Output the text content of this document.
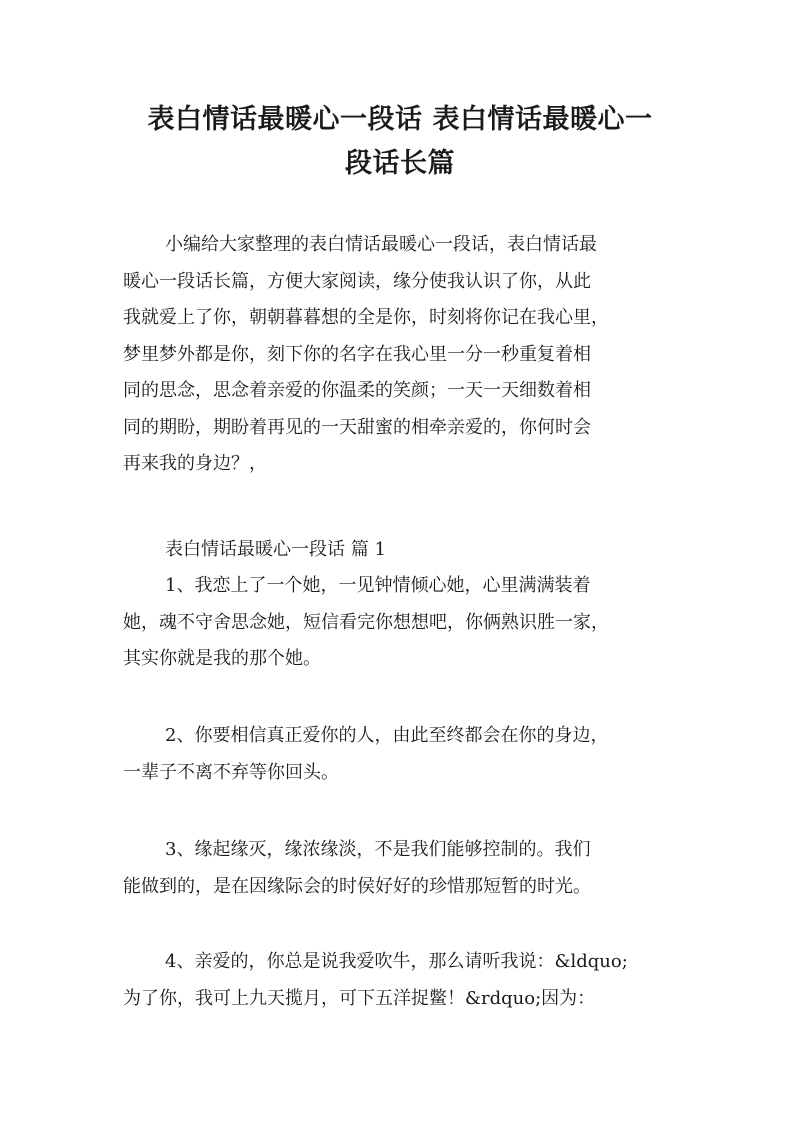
表白情话最暖心一段话 表白情话最暖心一
段话长篇
小编给大家整理的表白情话最暖心一段话，表白情话最
暖心一段话长篇，方便大家阅读，缘分使我认识了你，从此
我就爱上了你，朝朝暮暮想的全是你，时刻将你记在我心里，
梦里梦外都是你，刻下你的名字在我心里一分一秒重复着相
同的思念，思念着亲爱的你温柔的笑颜；一天一天细数着相
同的期盼，期盼着再见的一天甜蜜的相牵亲爱的，你何时会
再来我的身边？，
表白情话最暖心一段话 篇 1
1、我恋上了一个她，一见钟情倾心她，心里满满装着
她，魂不守舍思念她，短信看完你想想吧，你俩熟识胜一家，
其实你就是我的那个她。
2、你要相信真正爱你的人，由此至终都会在你的身边，
一辈子不离不弃等你回头。
3、缘起缘灭，缘浓缘淡，不是我们能够控制的。我们
能做到的，是在因缘际会的时侯好好的珍惜那短暂的时光。
4、亲爱的，你总是说我爱吹牛，那么请听我说：&ldquo;
为了你，我可上九天揽月，可下五洋捉鳖！&rdquo;因为：
